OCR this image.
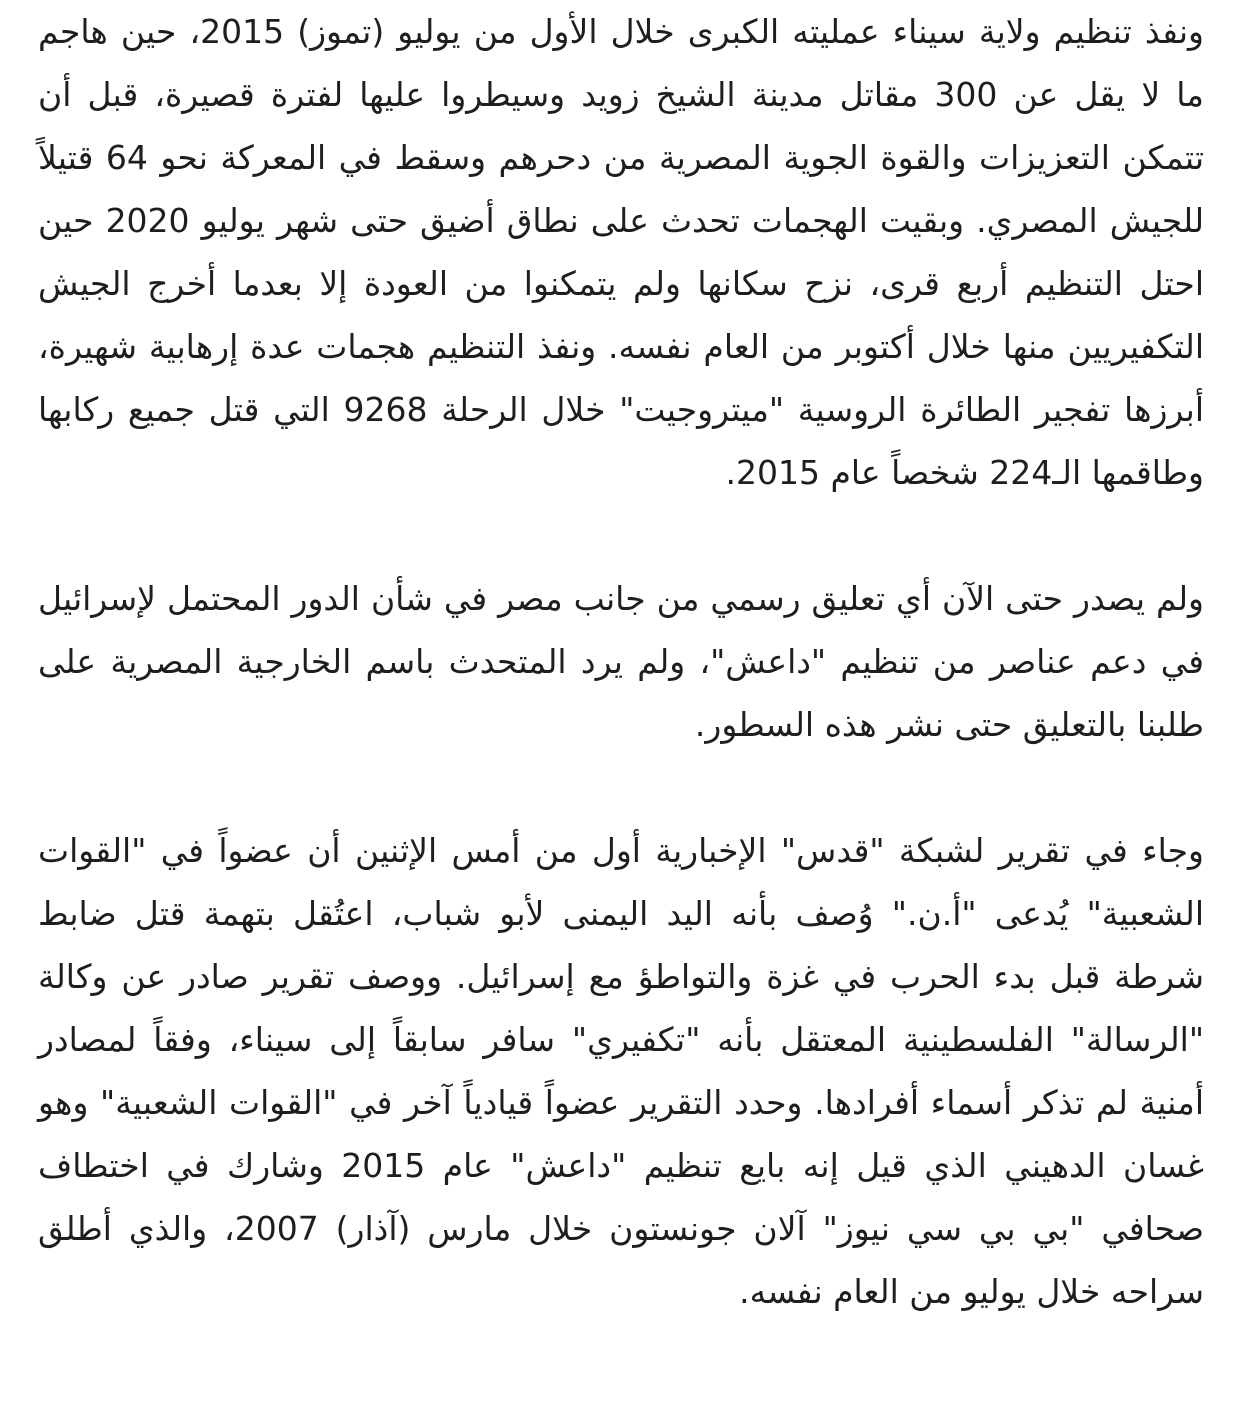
ونفذ تنظيم ولاية سيناء عمليته الكبرى خلال الأول من يوليو (تموز) 2015، حين هاجم ما لا يقل عن 300 مقاتل مدينة الشيخ زويد وسيطروا عليها لفترة قصيرة، قبل أن تتمكن التعزيزات والقوة الجوية المصرية من دحرهم وسقط في المعركة نحو 64 قتيلاً للجيش المصري. وبقيت الهجمات تحدث على نطاق أضيق حتى شهر يوليو 2020 حين احتل التنظيم أربع قرى، نزح سكانها ولم يتمكنوا من العودة إلا بعدما أخرج الجيش التكفيريين منها خلال أكتوبر من العام نفسه. ونفذ التنظيم هجمات عدة إرهابية شهيرة، أبرزها تفجير الطائرة الروسية "ميتروجيت" خلال الرحلة 9268 التي قتل جميع ركابها وطاقمها الـ224 شخصاً عام 2015.

ولم يصدر حتى الآن أي تعليق رسمي من جانب مصر في شأن الدور المحتمل لإسرائيل في دعم عناصر من تنظيم "داعش"، ولم يرد المتحدث باسم الخارجية المصرية على طلبنا بالتعليق حتى نشر هذه السطور.

وجاء في تقرير لشبكة "قدس" الإخبارية أول من أمس الإثنين أن عضواً في "القوات الشعبية" يُدعى "أ.ن." وُصف بأنه اليد اليمنى لأبو شباب، اعتُقل بتهمة قتل ضابط شرطة قبل بدء الحرب في غزة والتواطؤ مع إسرائيل. ووصف تقرير صادر عن وكالة "الرسالة" الفلسطينية المعتقل بأنه "تكفيري" سافر سابقاً إلى سيناء، وفقاً لمصادر أمنية لم تذكر أسماء أفرادها. وحدد التقرير عضواً قيادياً آخر في "القوات الشعبية" وهو غسان الدهيني الذي قيل إنه بايع تنظيم "داعش" عام 2015 وشارك في اختطاف صحافي "بي بي سي نيوز" آلان جونستون خلال مارس (آذار) 2007، والذي أطلق سراحه خلال يوليو من العام نفسه.
